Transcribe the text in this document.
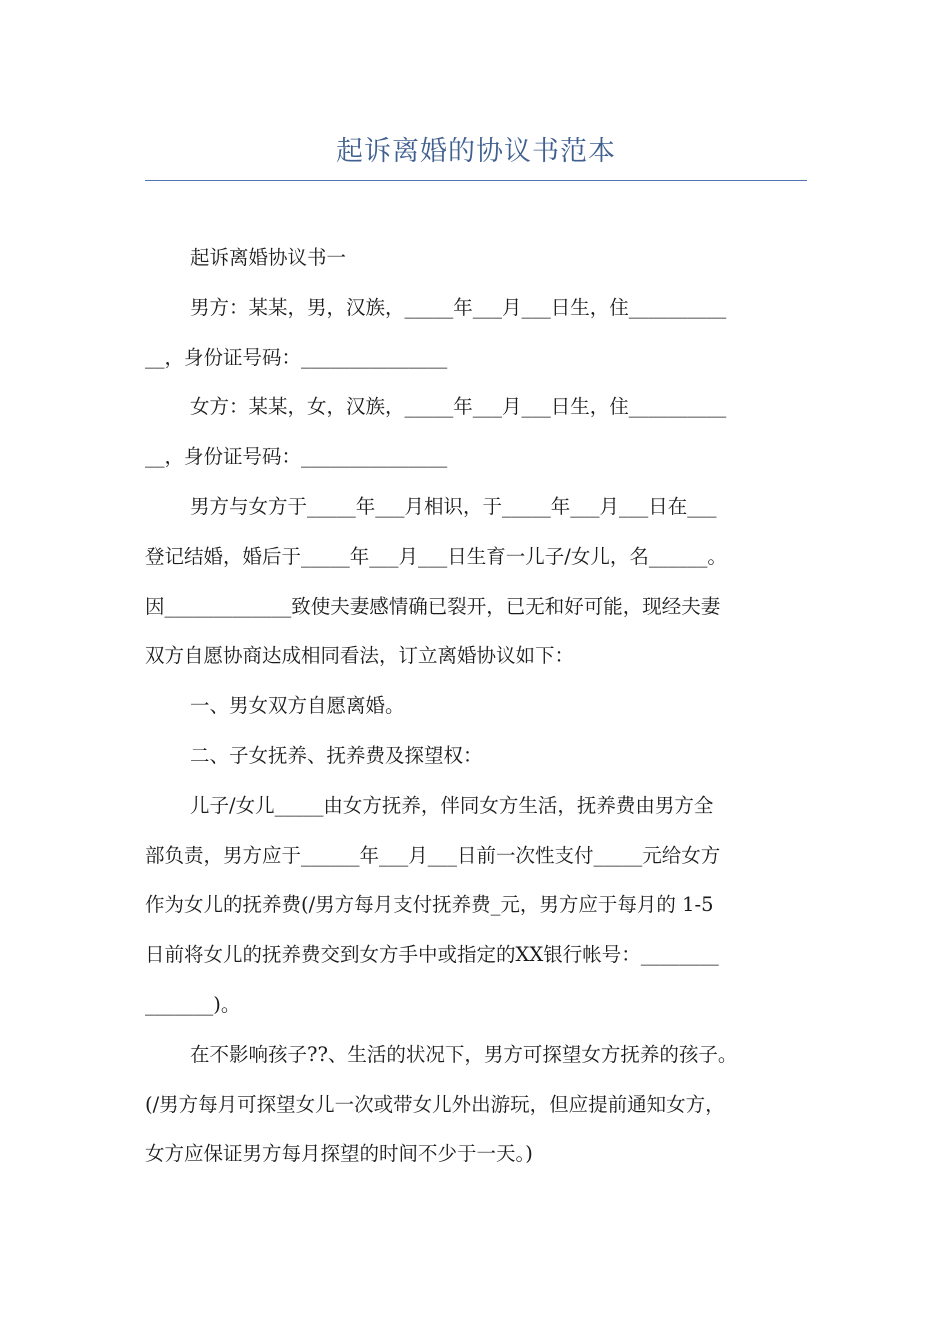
起诉离婚的协议书范本

起诉离婚协议书一

男方：某某，男，汉族，_____年___月___日生，住__________

__，身份证号码：_______________

女方：某某，女，汉族，_____年___月___日生，住__________

__，身份证号码：_______________

男方与女方于_____年___月相识，于_____年___月___日在___

登记结婚，婚后于_____年___月___日生育一儿子/女儿，名______。

因_____________致使夫妻感情确已裂开，已无和好可能，现经夫妻

双方自愿协商达成相同看法，订立离婚协议如下：

一、男女双方自愿离婚。

二、子女抚养、抚养费及探望权：

儿子/女儿_____由女方抚养，伴同女方生活，抚养费由男方全

部负责，男方应于______年___月___日前一次性支付_____元给女方

作为女儿的抚养费(/男方每月支付抚养费_元，男方应于每月的 1-5

日前将女儿的抚养费交到女方手中或指定的XX银行帐号：________

_______)。

在不影响孩子??、生活的状况下，男方可探望女方抚养的孩子。

(/男方每月可探望女儿一次或带女儿外出游玩，但应提前通知女方，

女方应保证男方每月探望的时间不少于一天。)
